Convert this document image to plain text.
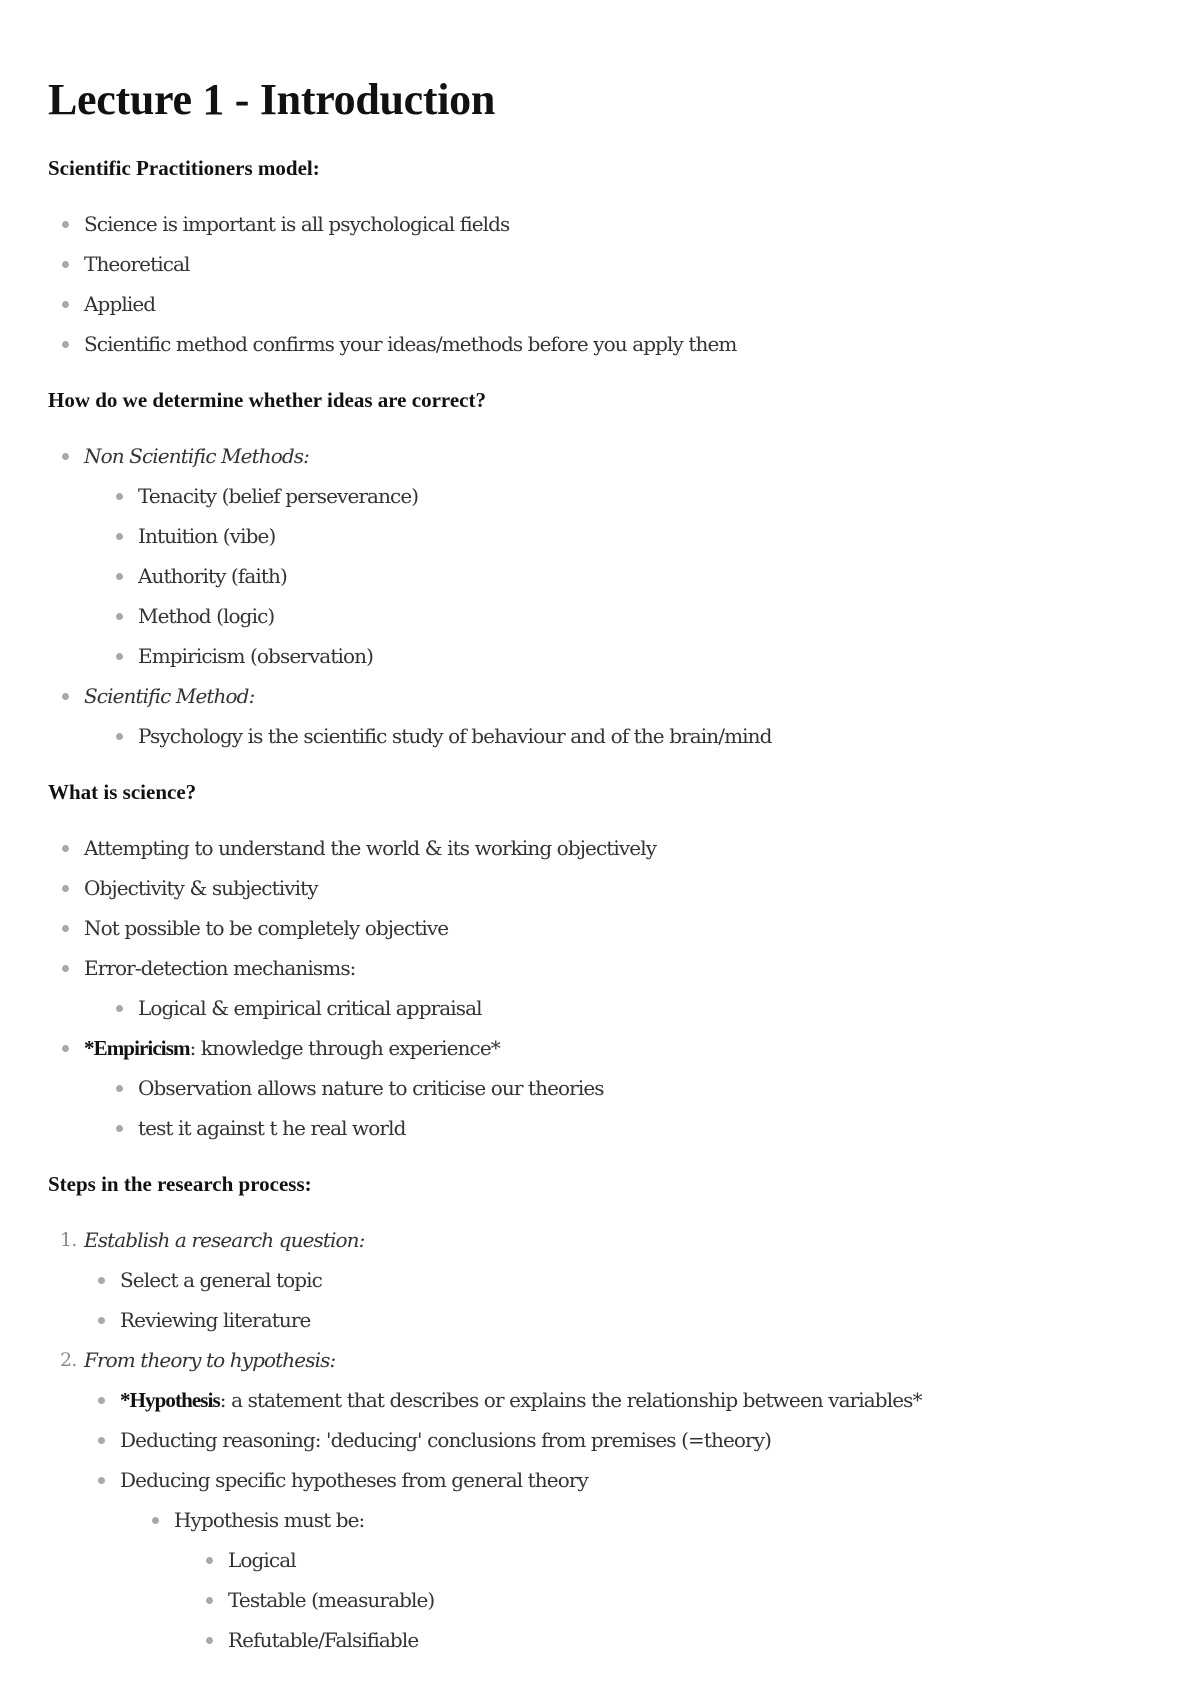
Lecture 1 - Introduction

Scientific Practitioners model:

Science is important is all psychological fields
Theoretical
Applied
Scientific method confirms your ideas/methods before you apply them

How do we determine whether ideas are correct?

Non Scientific Methods:
Tenacity (belief perseverance)
Intuition (vibe)
Authority (faith)
Method (logic)
Empiricism (observation)
Scientific Method:
Psychology is the scientific study of behaviour and of the brain/mind

What is science?

Attempting to understand the world & its working objectively
Objectivity & subjectivity
Not possible to be completely objective
Error-detection mechanisms:
Logical & empirical critical appraisal
*Empiricism: knowledge through experience*
Observation allows nature to criticise our theories
test it against t he real world

Steps in the research process:

1. Establish a research question:
Select a general topic
Reviewing literature
2. From theory to hypothesis:
*Hypothesis: a statement that describes or explains the relationship between variables*
Deducting reasoning: 'deducing' conclusions from premises (=theory)
Deducing specific hypotheses from general theory
Hypothesis must be:
Logical
Testable (measurable)
Refutable/Falsifiable
